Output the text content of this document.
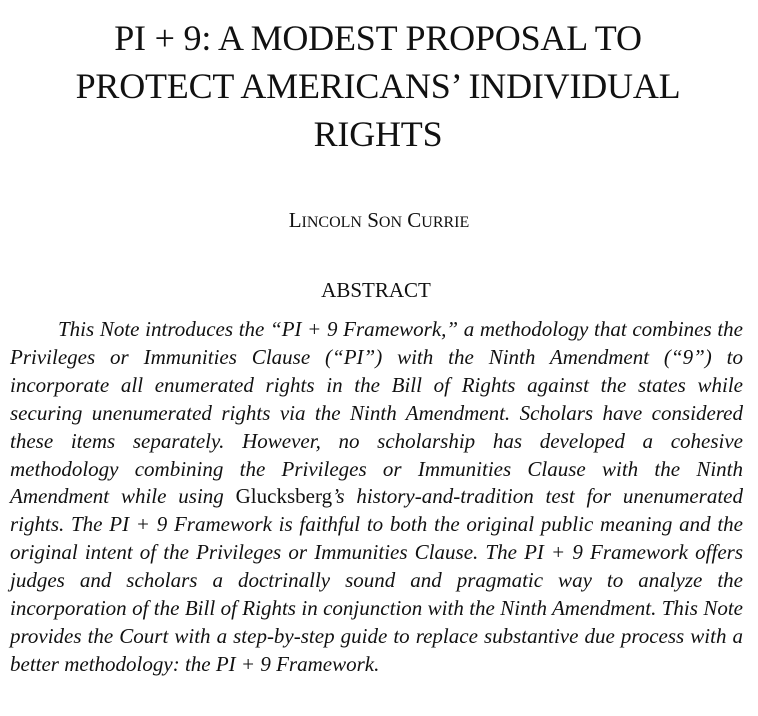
PI + 9: A MODEST PROPOSAL TO
PROTECT AMERICANS’ INDIVIDUAL
RIGHTS

LINCOLN SON CURRIE

ABSTRACT

This Note introduces the “PI + 9 Framework,” a methodology that combines the Privileges or Immunities Clause (“PI”) with the Ninth Amendment (“9”) to incorporate all enumerated rights in the Bill of Rights against the states while securing unenumerated rights via the Ninth Amendment. Scholars have considered these items separately. However, no scholarship has developed a cohesive methodology combining the Privileges or Immunities Clause with the Ninth Amendment while using Glucksberg’s history-and-tradition test for unenumerated rights. The PI + 9 Framework is faithful to both the original public meaning and the original intent of the Privileges or Immunities Clause. The PI + 9 Framework offers judges and scholars a doctrinally sound and pragmatic way to analyze the incorporation of the Bill of Rights in conjunction with the Ninth Amendment. This Note provides the Court with a step-by-step guide to replace substantive due process with a better methodology: the PI + 9 Framework.
